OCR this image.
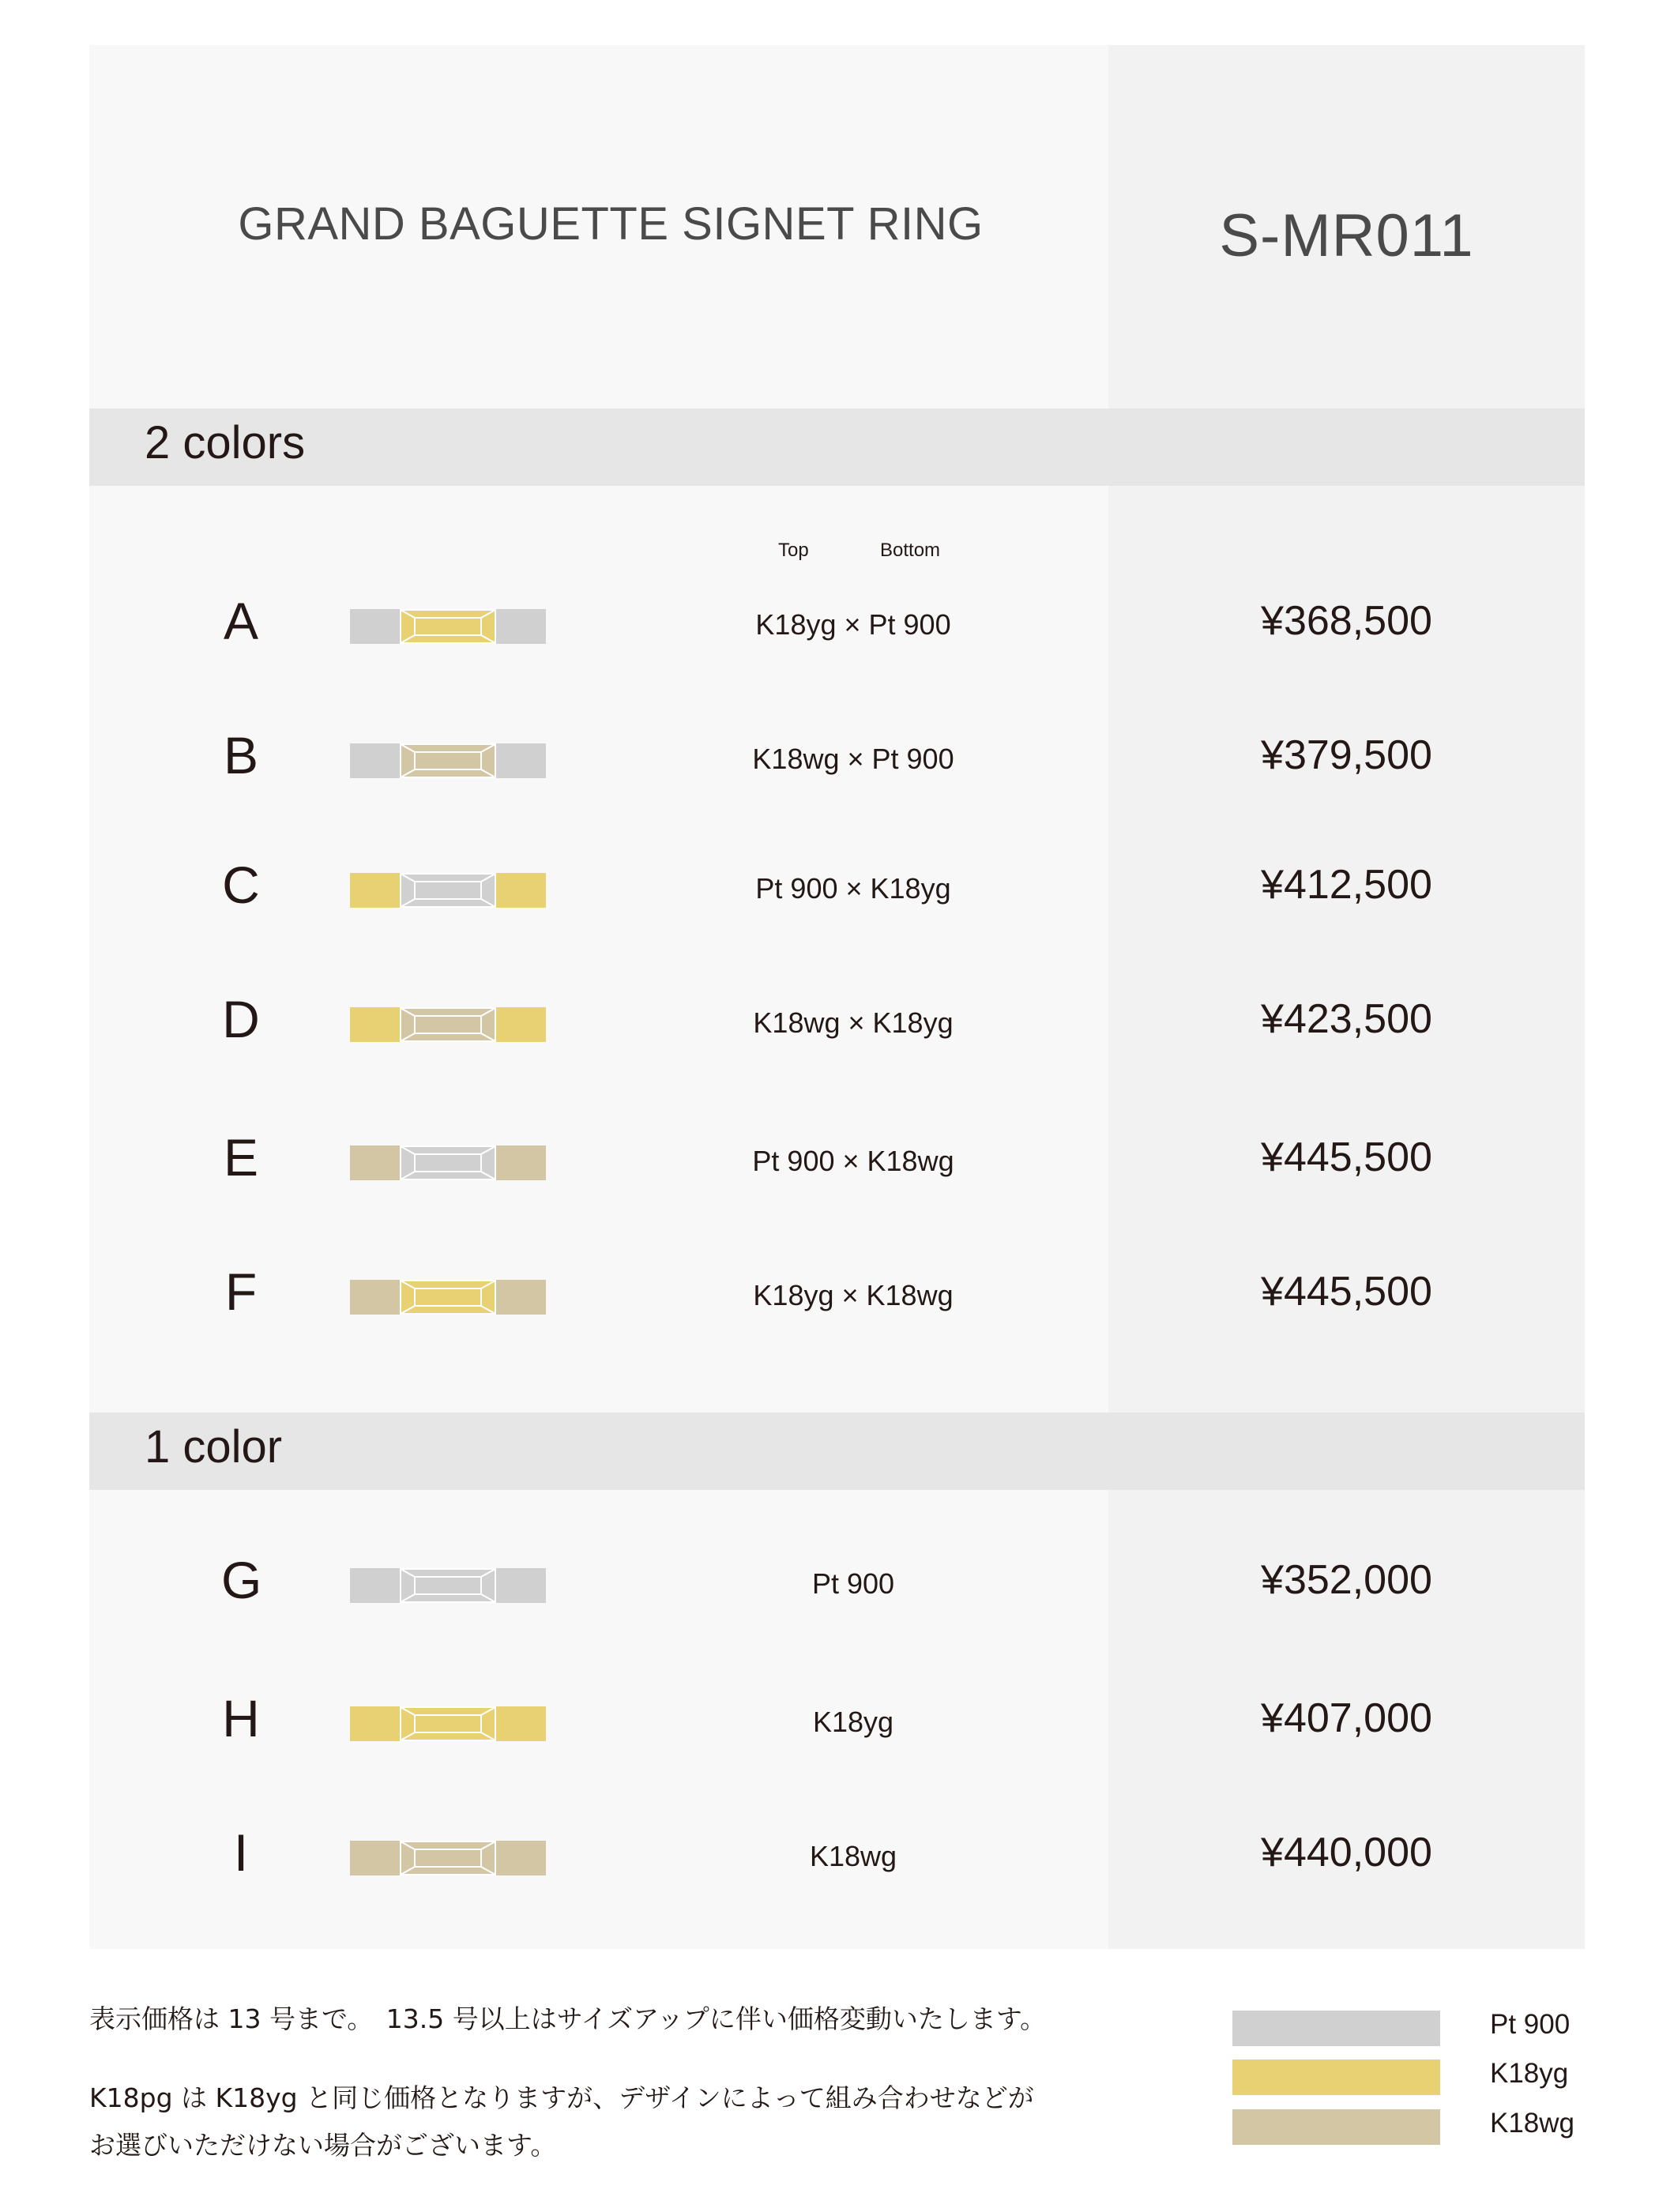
GRAND BAGUETTE SIGNET RING	S-MR011
2 colors
Top	Bottom
A	K18yg × Pt 900	¥368,500
B	K18wg × Pt 900	¥379,500
C	Pt 900 × K18yg	¥412,500
D	K18wg × K18yg	¥423,500
E	Pt 900 × K18wg	¥445,500
F	K18yg × K18wg	¥445,500
1 color
G	Pt 900	¥352,000
H	K18yg	¥407,000
I	K18wg	¥440,000
表示価格は 13 号まで。　13.5 号以上はサイズアップに伴い価格変動いたします。
K18pg は K18yg と同じ価格となりますが、デザインによって組み合わせなどが
お選びいただけない場合がございます。
Pt 900
K18yg
K18wg
